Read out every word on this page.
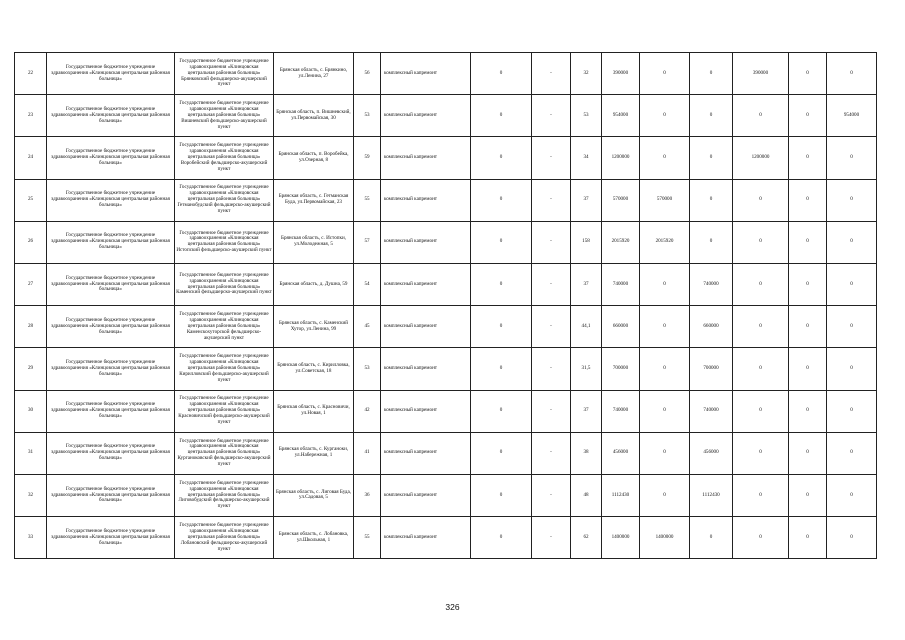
22	Государственное бюджетное учреждение здравоохранения «Клинцовская центральная районная больница»	Государственное бюджетное учреждение здравоохранения «Клинцовская центральная районная больница» Брянковский фельдшерско-акушерский пункт	Брянская область, с. Брянкино, ул.Ленина, 27	56	комплексный капремонт	0	-	32	390000	0	0	390000	0	0
23	Государственное бюджетное учреждение здравоохранения «Клинцовская центральная районная больница»	Государственное бюджетное учреждение здравоохранения «Клинцовская центральная районная больница» Вишневский фельдшерско-акушерский пункт	Брянская область, п. Вишневский, ул.Первомайская, 30	53	комплексный капремонт	0	-	53	954000	0	0	0	0	954000
24	Государственное бюджетное учреждение здравоохранения «Клинцовская центральная районная больница»	Государственное бюджетное учреждение здравоохранения «Клинцовская центральная районная больница» Воробейский фельдшерско-акушерский пункт	Брянская область, п. Воробейка, ул.Озерная, 8	59	комплексный капремонт	0	-	34	1200000	0	0	1200000	0	0
25	Государственное бюджетное учреждение здравоохранения «Клинцовская центральная районная больница»	Государственное бюджетное учреждение здравоохранения «Клинцовская центральная районная больница» Гетманобудский фельдшерско-акушерский пункт	Брянская область, с. Гетманская Буда, ул.Первомайская, 23	55	комплексный капремонт	0	-	37	570000	570000	0	0	0	0
26	Государственное бюджетное учреждение здравоохранения «Клинцовская центральная районная больница»	Государственное бюджетное учреждение здравоохранения «Клинцовская центральная районная больница» Истопский фельдшерско-акушерский пункт	Брянская область, с. Истопки, ул.Молодежная, 5	57	комплексный капремонт	0	-	158	2015920	2015920	0	0	0	0
27	Государственное бюджетное учреждение здравоохранения «Клинцовская центральная районная больница»	Государственное бюджетное учреждение здравоохранения «Клинцовская центральная районная больница» Каменский фельдшерско-акушерский пункт	Брянская область, д. Душна, 59	54	комплексный капремонт	0	-	37	740000	0	740000	0	0	0
28	Государственное бюджетное учреждение здравоохранения «Клинцовская центральная районная больница»	Государственное бюджетное учреждение здравоохранения «Клинцовская центральная районная больница» Каменскохуторской фельдшерско-акушерский пункт	Брянская область, с. Каменский Хутор, ул.Ленина, 99	45	комплексный капремонт	0	-	44,1	660000	0	660000	0	0	0
29	Государственное бюджетное учреждение здравоохранения «Клинцовская центральная районная больница»	Государственное бюджетное учреждение здравоохранения «Клинцовская центральная районная больница» Кирилловский фельдшерско-акушерский пункт	Брянская область, с. Кирилловка, ул.Советская, 18	53	комплексный капремонт	0	-	31,5	700000	0	700000	0	0	0
30	Государственное бюджетное учреждение здравоохранения «Клинцовская центральная районная больница»	Государственное бюджетное учреждение здравоохранения «Клинцовская центральная районная больница» Красновичский фельдшерско-акушерский пункт	Брянская область, с. Красновичи, ул.Новая, 1	42	комплексный капремонт	0	-	37	740000	0	740000	0	0	0
31	Государственное бюджетное учреждение здравоохранения «Клинцовская центральная районная больница»	Государственное бюджетное учреждение здравоохранения «Клинцовская центральная районная больница» Курганоковский фельдшерско-акушерский пункт	Брянская область, с. Курганоки, ул.Набережная, 1	41	комплексный капремонт	0	-	38	456000	0	456000	0	0	0
32	Государственное бюджетное учреждение здравоохранения «Клинцовская центральная районная больница»	Государственное бюджетное учреждение здравоохранения «Клинцовская центральная районная больница» Лиговобудский фельдшерско-акушерский пункт	Брянская область, с. Лиговая Буда, ул.Садовая, 5	36	комплексный капремонт	0	-	48	1112430	0	1112430	0	0	0
33	Государственное бюджетное учреждение здравоохранения «Клинцовская центральная районная больница»	Государственное бюджетное учреждение здравоохранения «Клинцовская центральная районная больница» Лобановский фельдшерско-акушерский пункт	Брянская область, с. Лобановка, ул.Школьная, 1	55	комплексный капремонт	0	-	62	1400000	1400000	0	0	0	0
326
